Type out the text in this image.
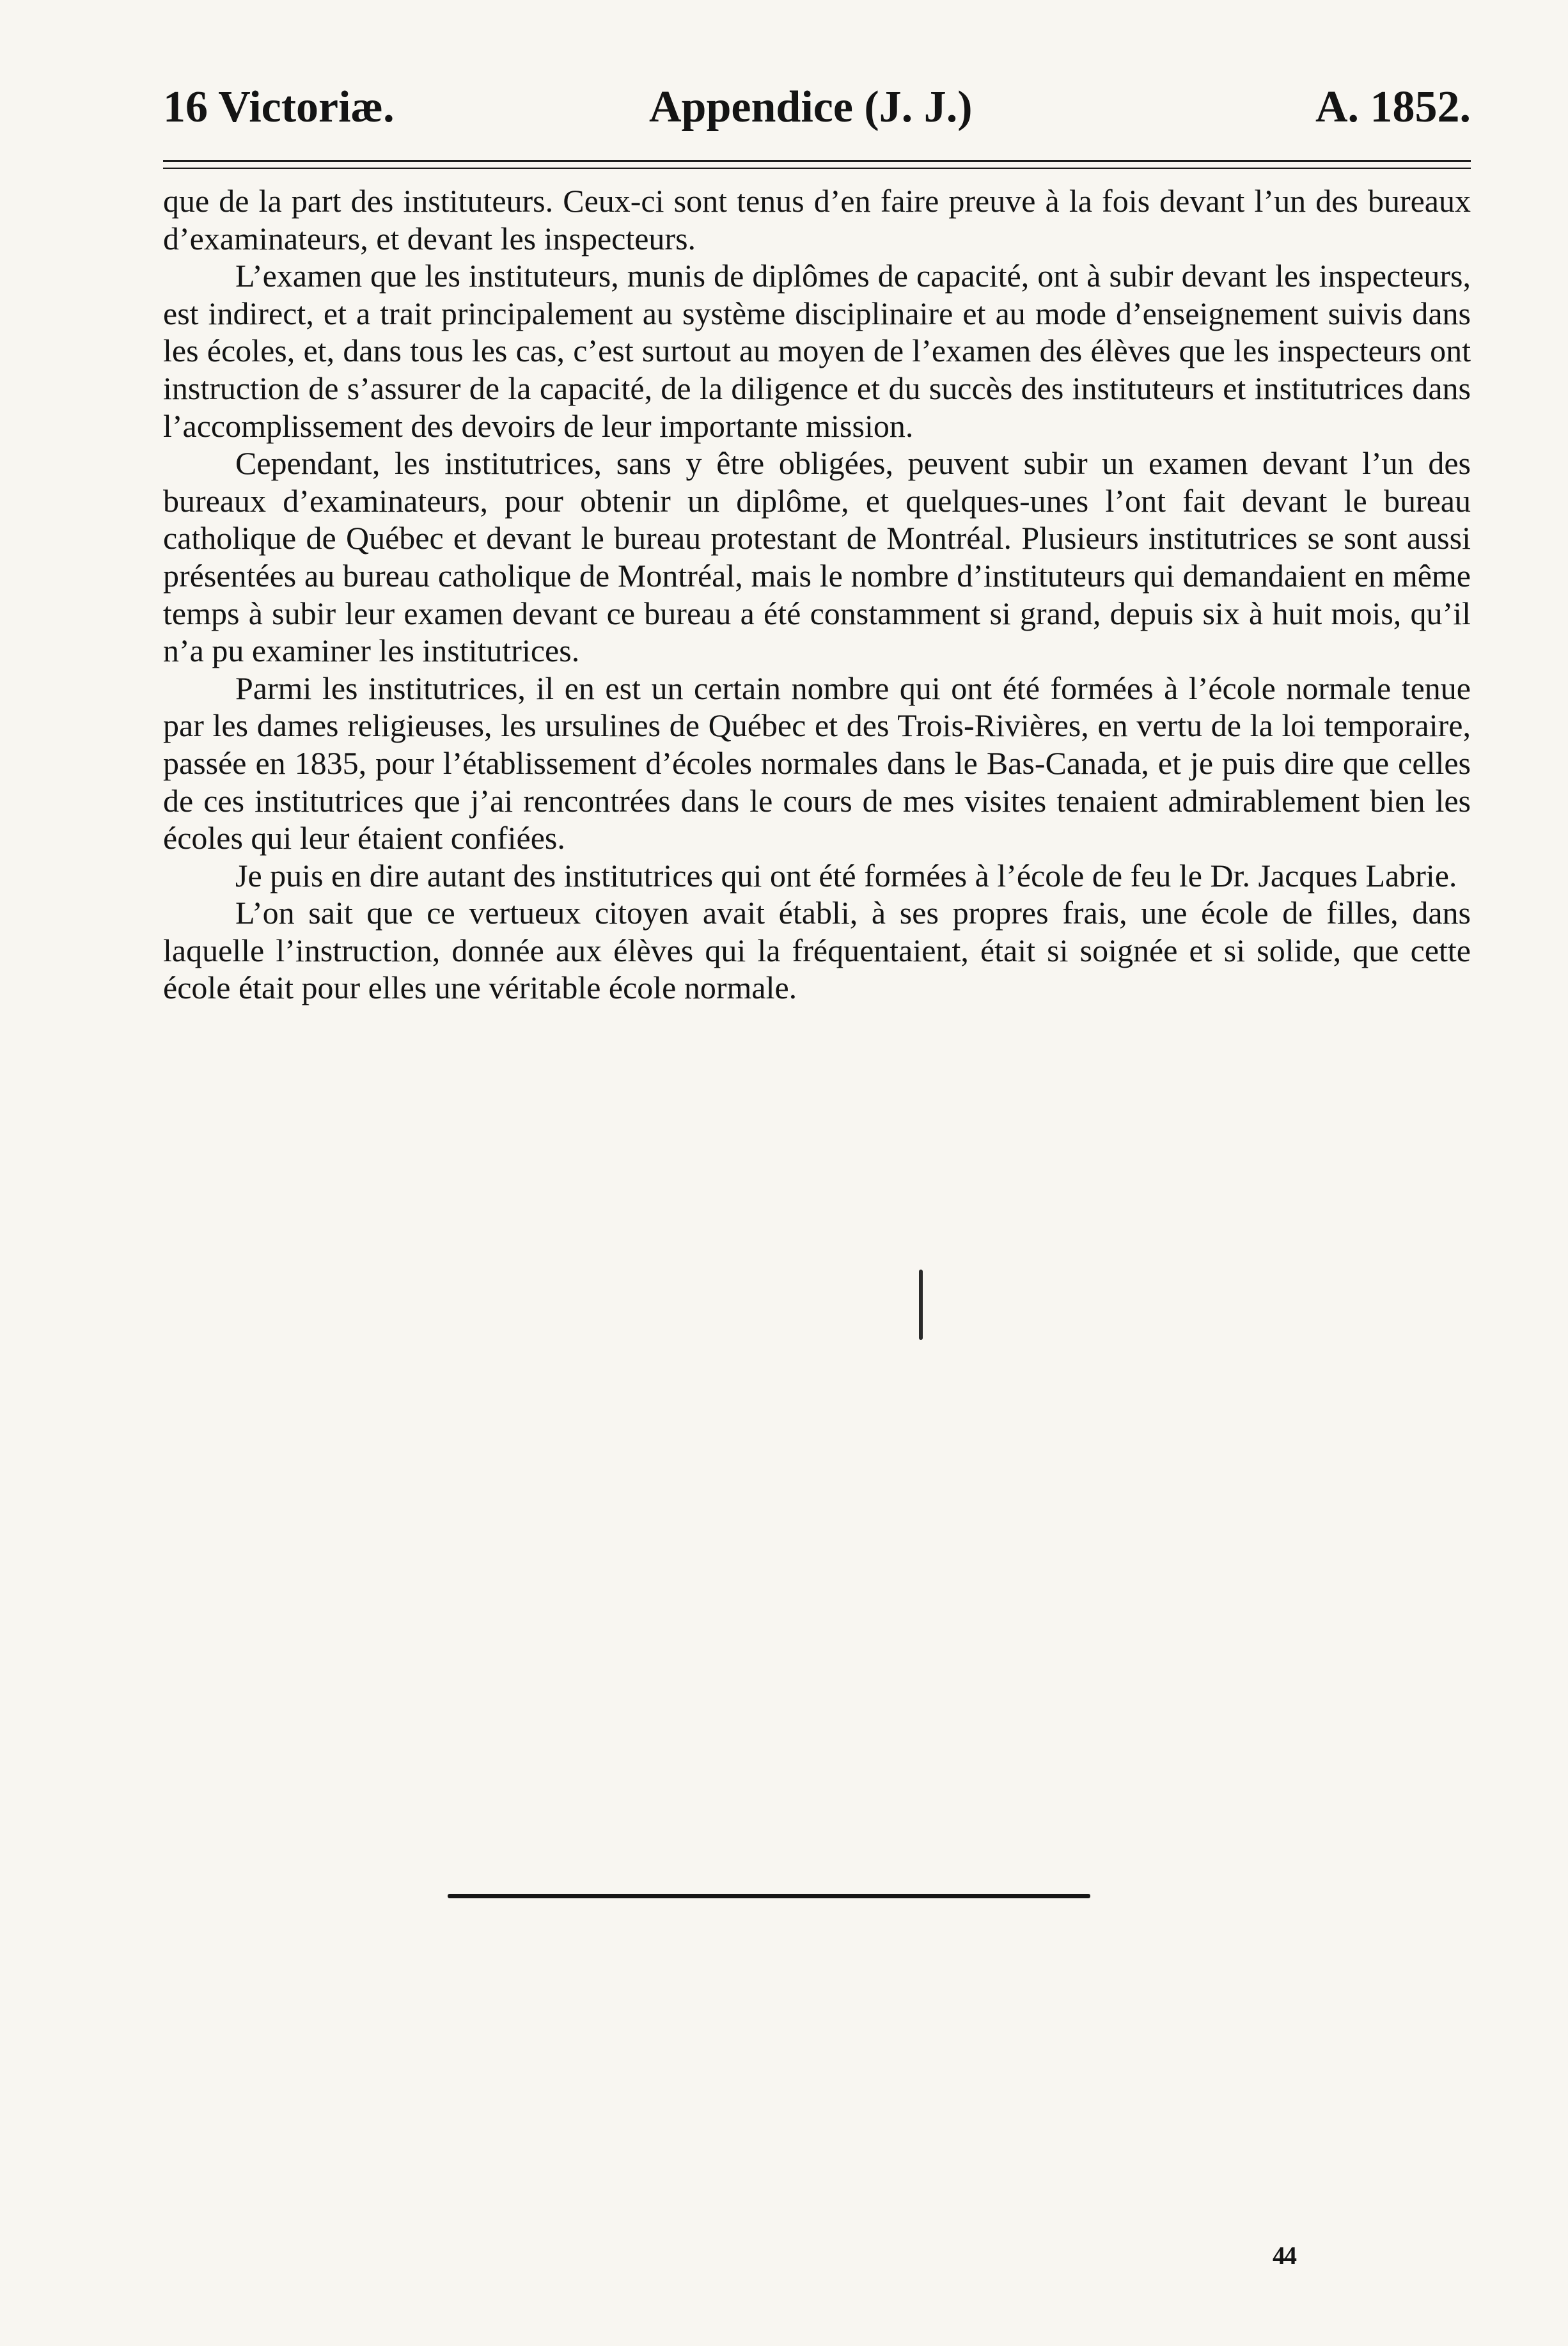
16 Victoriæ.	Appendice (J. J.)	A. 1852.

que de la part des instituteurs. Ceux-ci sont tenus d’en faire preuve à la fois devant l’un des bureaux d’examinateurs, et devant les inspecteurs.

L’examen que les instituteurs, munis de diplômes de capacité, ont à subir devant les inspecteurs, est indirect, et a trait principalement au système disciplinaire et au mode d’enseignement suivis dans les écoles, et, dans tous les cas, c’est surtout au moyen de l’examen des élèves que les inspecteurs ont instruction de s’assurer de la capacité, de la diligence et du succès des instituteurs et institutrices dans l’accomplissement des devoirs de leur importante mission.

Cependant, les institutrices, sans y être obligées, peuvent subir un examen devant l’un des bureaux d’examinateurs, pour obtenir un diplôme, et quelques-unes l’ont fait devant le bureau catholique de Québec et devant le bureau protestant de Montréal. Plusieurs institutrices se sont aussi présentées au bureau catholique de Montréal, mais le nombre d’instituteurs qui demandaient en même temps à subir leur examen devant ce bureau a été constamment si grand, depuis six à huit mois, qu’il n’a pu examiner les institutrices.

Parmi les institutrices, il en est un certain nombre qui ont été formées à l’école normale tenue par les dames religieuses, les ursulines de Québec et des Trois-Rivières, en vertu de la loi temporaire, passée en 1835, pour l’établissement d’écoles normales dans le Bas-Canada, et je puis dire que celles de ces institutrices que j’ai rencontrées dans le cours de mes visites tenaient admirablement bien les écoles qui leur étaient confiées.

Je puis en dire autant des institutrices qui ont été formées à l’école de feu le Dr. Jacques Labrie.

L’on sait que ce vertueux citoyen avait établi, à ses propres frais, une école de filles, dans laquelle l’instruction, donnée aux élèves qui la fréquentaient, était si soignée et si solide, que cette école était pour elles une véritable école normale.

44
